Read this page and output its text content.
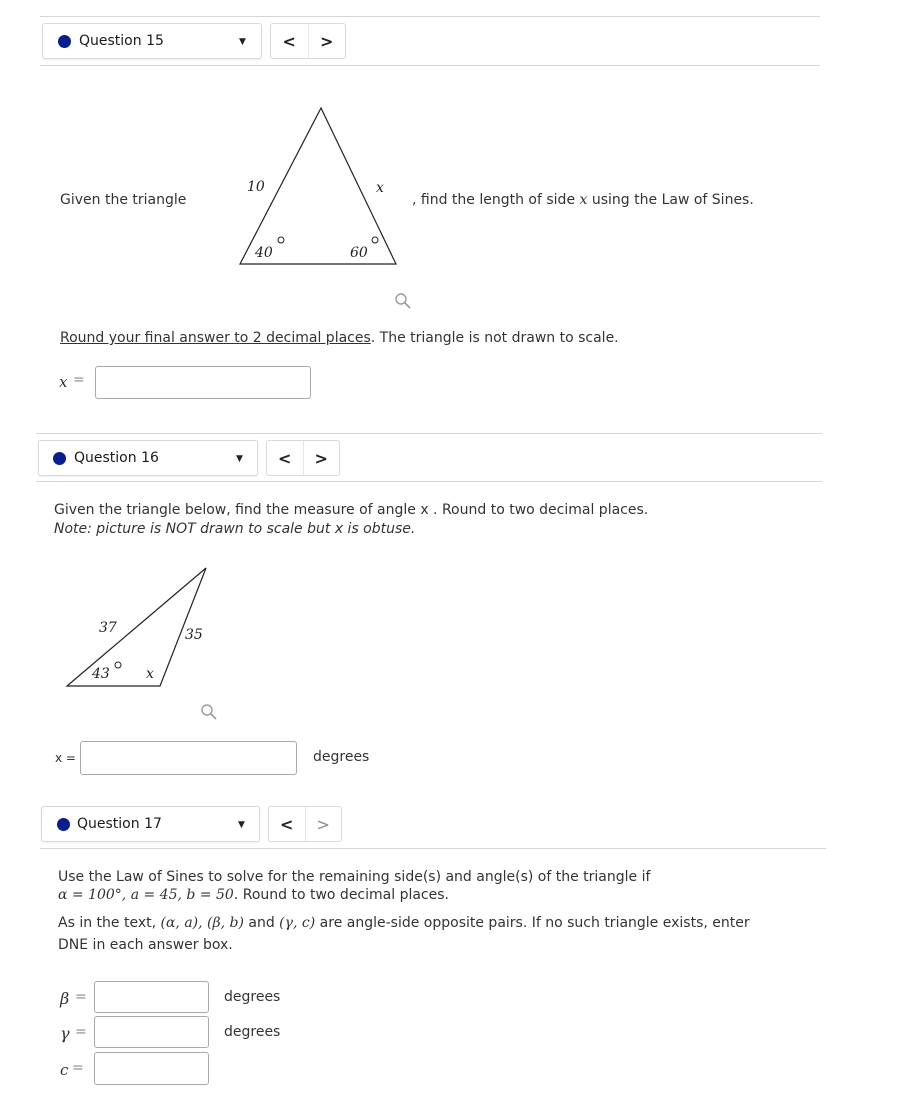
Question 15	▼	<	>
Given the triangle
10	x
40	60
, find the length of side x using the Law of Sines.
Round your final answer to 2 decimal places. The triangle is not drawn to scale.
x =
Question 16	▼	<	>
Given the triangle below, find the measure of angle x . Round to two decimal places.
Note: picture is NOT drawn to scale but x is obtuse.
37	35
43	x
x =	degrees
Question 17	▼	<	>
Use the Law of Sines to solve for the remaining side(s) and angle(s) of the triangle if
α = 100°, a = 45, b = 50. Round to two decimal places.
As in the text, (α, a), (β, b) and (γ, c) are angle-side opposite pairs. If no such triangle exists, enter
DNE in each answer box.
β =	degrees
γ =	degrees
c =
